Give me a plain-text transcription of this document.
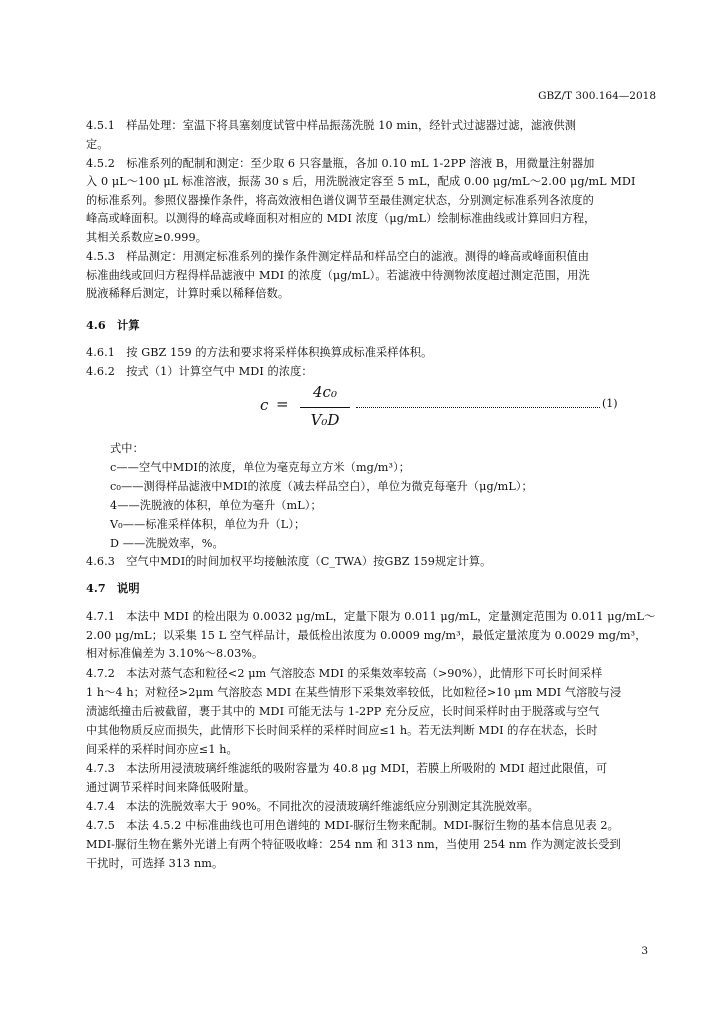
GBZ/T 300.164—2018
4.5.1　样品处理：室温下将具塞刻度试管中样品振荡洗脱 10 min，经针式过滤器过滤，滤液供测
定。
4.5.2　标准系列的配制和测定：至少取 6 只容量瓶，各加 0.10 mL 1-2PP 溶液 B，用微量注射器加
入 0 μL～100 μL 标准溶液，振荡 30 s 后，用洗脱液定容至 5 mL，配成 0.00 μg/mL～2.00 μg/mL MDI
的标准系列。参照仪器操作条件，将高效液相色谱仪调节至最佳测定状态，分别测定标准系列各浓度的
峰高或峰面积。以测得的峰高或峰面积对相应的 MDI 浓度（μg/mL）绘制标准曲线或计算回归方程，
其相关系数应≥0.999。
4.5.3　样品测定：用测定标准系列的操作条件测定样品和样品空白的滤液。测得的峰高或峰面积值由
标准曲线或回归方程得样品滤液中 MDI 的浓度（μg/mL）。若滤液中待测物浓度超过测定范围，用洗
脱液稀释后测定，计算时乘以稀释倍数。
4.6　计算
4.6.1　按 GBZ 159 的方法和要求将采样体积换算成标准采样体积。
4.6.2　按式（1）计算空气中 MDI 的浓度：
c =
4c₀
V₀D
(1)
式中：
c——空气中MDI的浓度，单位为毫克每立方米（mg/m³）；
c₀——测得样品滤液中MDI的浓度（减去样品空白），单位为微克每毫升（μg/mL）；
4——洗脱液的体积，单位为毫升（mL）；
V₀——标准采样体积，单位为升（L）；
D ——洗脱效率，%。
4.6.3　空气中MDI的时间加权平均接触浓度（C_TWA）按GBZ 159规定计算。
4.7　说明
4.7.1　本法中 MDI 的检出限为 0.0032 μg/mL，定量下限为 0.011 μg/mL，定量测定范围为 0.011 μg/mL～
2.00 μg/mL；以采集 15 L 空气样品计，最低检出浓度为 0.0009 mg/m³，最低定量浓度为 0.0029 mg/m³，
相对标准偏差为 3.10%～8.03%。
4.7.2　本法对蒸气态和粒径<2 μm 气溶胶态 MDI 的采集效率较高（>90%），此情形下可长时间采样
1 h～4 h；对粒径>2μm 气溶胶态 MDI 在某些情形下采集效率较低，比如粒径>10 μm MDI 气溶胶与浸
渍滤纸撞击后被截留，裹于其中的 MDI 可能无法与 1-2PP 充分反应，长时间采样时由于脱落或与空气
中其他物质反应而损失，此情形下长时间采样的采样时间应≤1 h。若无法判断 MDI 的存在状态，长时
间采样的采样时间亦应≤1 h。
4.7.3　本法所用浸渍玻璃纤维滤纸的吸附容量为 40.8 μg MDI，若膜上所吸附的 MDI 超过此限值，可
通过调节采样时间来降低吸附量。
4.7.4　本法的洗脱效率大于 90%。不同批次的浸渍玻璃纤维滤纸应分别测定其洗脱效率。
4.7.5　本法 4.5.2 中标准曲线也可用色谱纯的 MDI-脲衍生物来配制。MDI-脲衍生物的基本信息见表 2。
MDI-脲衍生物在紫外光谱上有两个特征吸收峰：254 nm 和 313 nm，当使用 254 nm 作为测定波长受到
干扰时，可选择 313 nm。
3
